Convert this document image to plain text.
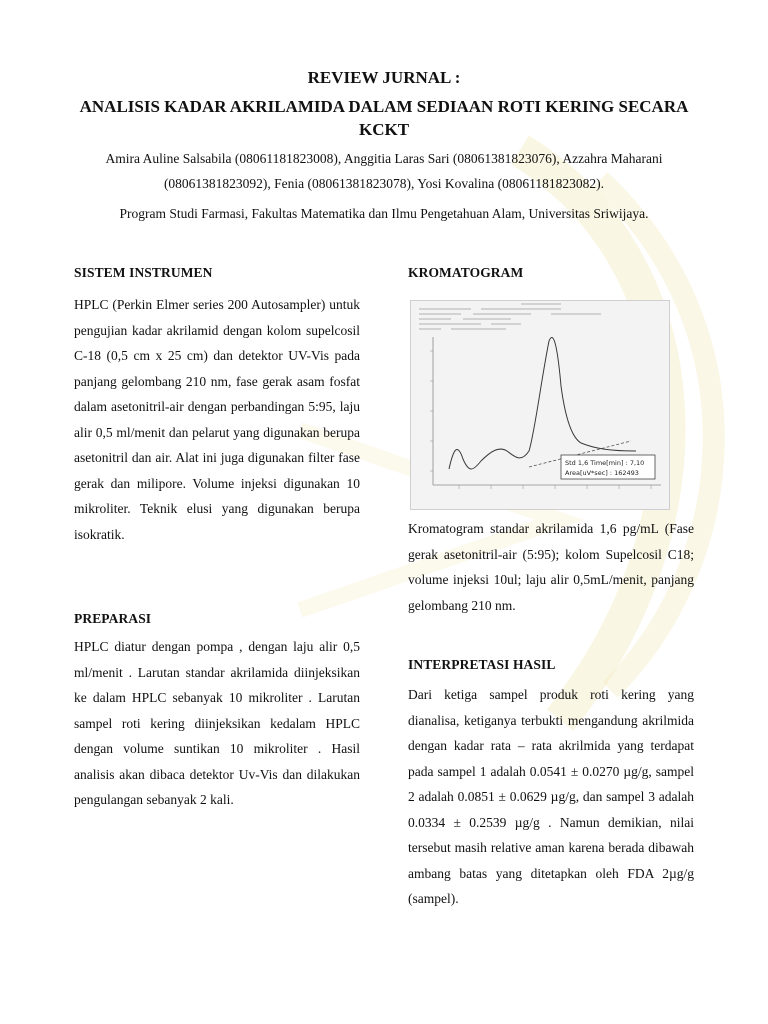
REVIEW JURNAL :
ANALISIS KADAR AKRILAMIDA DALAM SEDIAAN ROTI KERING SECARA KCKT
Amira Auline Salsabila (08061181823008), Anggitia Laras Sari (08061381823076), Azzahra Maharani (08061381823092), Fenia (08061381823078), Yosi Kovalina (08061181823082).
Program Studi Farmasi, Fakultas Matematika dan Ilmu Pengetahuan Alam, Universitas Sriwijaya.
SISTEM INSTRUMEN
HPLC (Perkin Elmer series 200 Autosampler) untuk pengujian kadar akrilamid dengan kolom supelcosil C-18 (0,5 cm x 25 cm) dan detektor UV-Vis pada panjang gelombang 210 nm, fase gerak asam fosfat dalam asetonitril-air dengan perbandingan 5:95, laju alir 0,5 ml/menit dan pelarut yang digunakan berupa asetonitril dan air. Alat ini juga digunakan filter fase gerak dan milipore. Volume injeksi digunakan 10 mikroliter. Teknik elusi yang digunakan berupa isokratik.
PREPARASI
HPLC diatur dengan pompa , dengan laju alir 0,5 ml/menit . Larutan standar akrilamida diinjeksikan ke dalam HPLC sebanyak 10 mikroliter . Larutan sampel roti kering diinjeksikan kedalam HPLC dengan volume suntikan 10 mikroliter . Hasil analisis akan dibaca detektor Uv-Vis dan dilakukan pengulangan sebanyak 2 kali.
KROMATOGRAM
Std 1,6 Time[min] : 7,10
Area[uV*sec] : 162493
Kromatogram standar akrilamida 1,6 pg/mL (Fase gerak asetonitril-air (5:95); kolom Supelcosil C18; volume injeksi 10ul; laju alir 0,5mL/menit, panjang gelombang 210 nm.
INTERPRETASI HASIL
Dari ketiga sampel produk roti kering yang dianalisa, ketiganya terbukti mengandung akrilmida dengan kadar rata – rata akrilmida yang terdapat pada sampel 1 adalah 0.0541 ± 0.0270 µg/g, sampel 2 adalah 0.0851 ± 0.0629 µg/g, dan sampel 3 adalah 0.0334 ± 0.2539 µg/g . Namun demikian, nilai tersebut masih relative aman karena berada dibawah ambang batas yang ditetapkan oleh FDA 2µg/g (sampel).
